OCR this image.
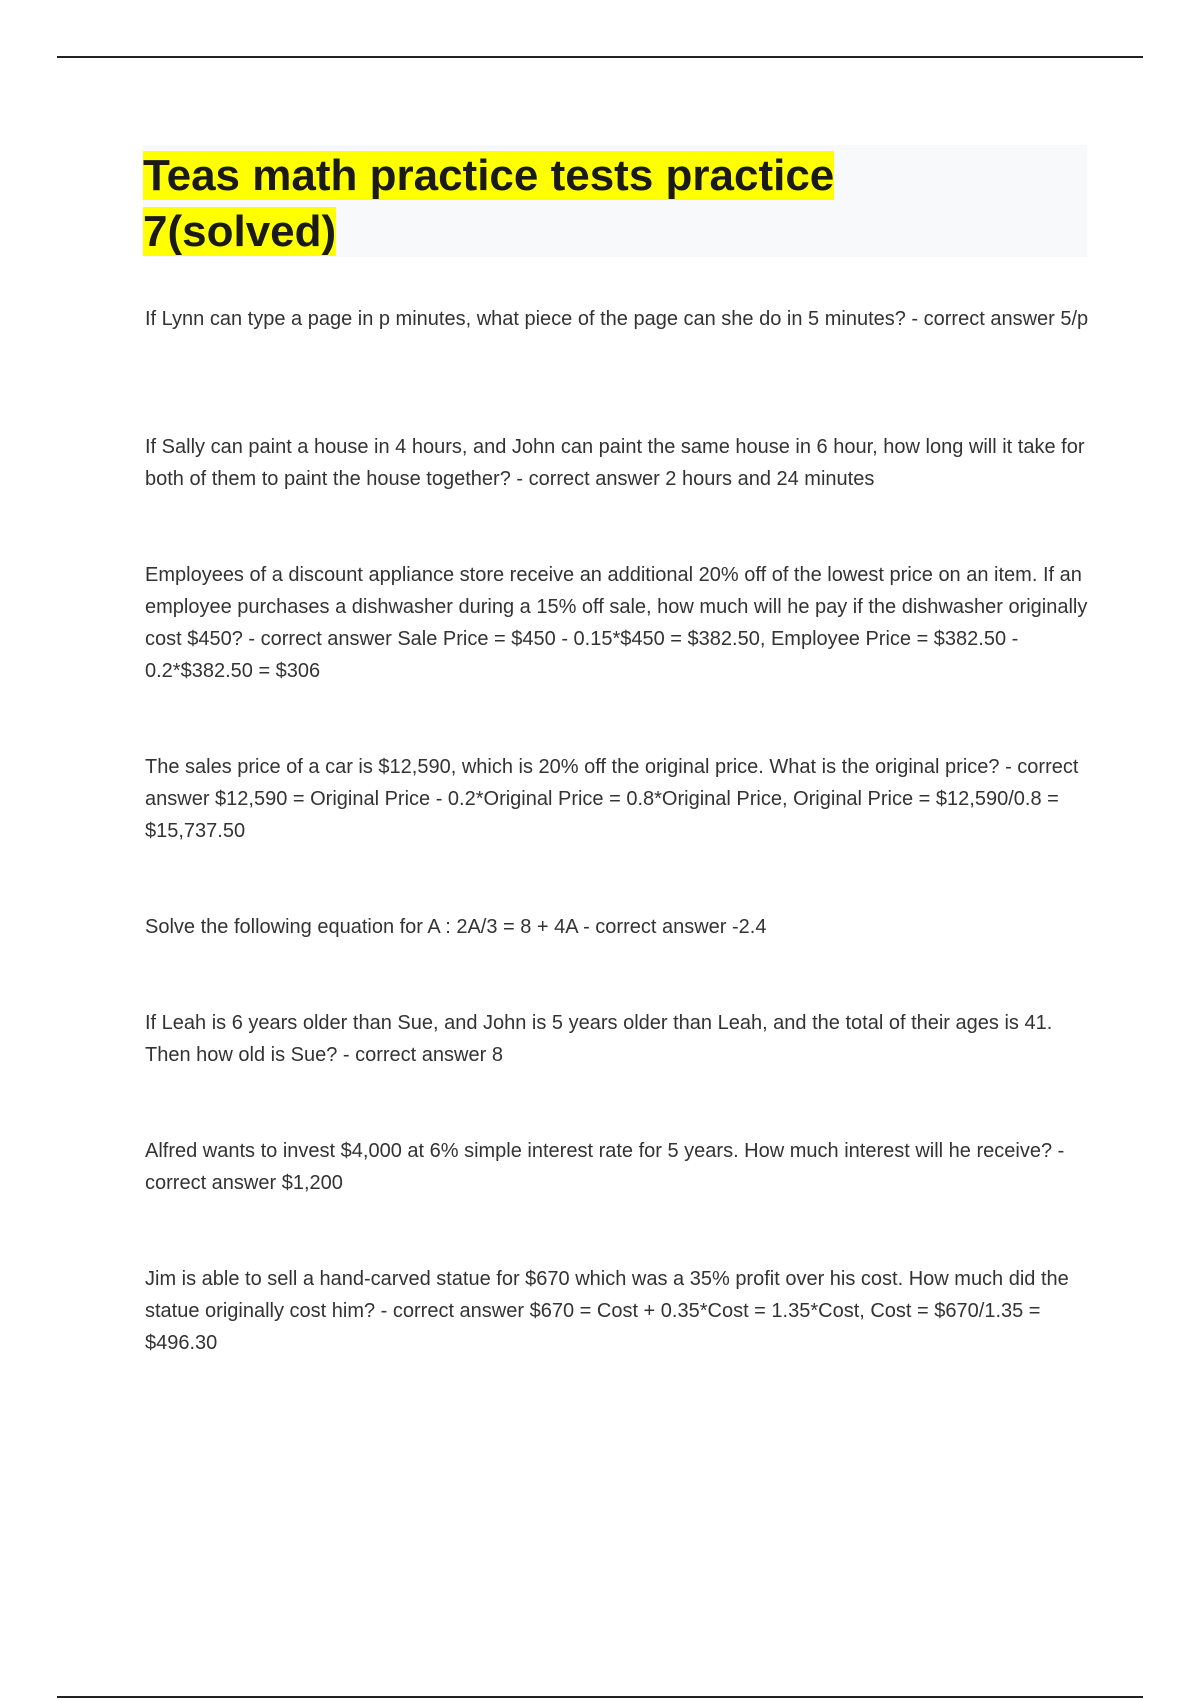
Teas math practice tests practice 7(solved)

If Lynn can type a page in p minutes, what piece of the page can she do in 5 minutes? - correct answer 5/p

If Sally can paint a house in 4 hours, and John can paint the same house in 6 hour, how long will it take for both of them to paint the house together? - correct answer 2 hours and 24 minutes

Employees of a discount appliance store receive an additional 20% off of the lowest price on an item. If an employee purchases a dishwasher during a 15% off sale, how much will he pay if the dishwasher originally cost $450? - correct answer Sale Price = $450 - 0.15*$450 = $382.50, Employee Price = $382.50 - 0.2*$382.50 = $306

The sales price of a car is $12,590, which is 20% off the original price. What is the original price? - correct answer $12,590 = Original Price - 0.2*Original Price = 0.8*Original Price, Original Price = $12,590/0.8 = $15,737.50

Solve the following equation for A : 2A/3 = 8 + 4A - correct answer -2.4

If Leah is 6 years older than Sue, and John is 5 years older than Leah, and the total of their ages is 41. Then how old is Sue? - correct answer 8

Alfred wants to invest $4,000 at 6% simple interest rate for 5 years. How much interest will he receive? - correct answer $1,200

Jim is able to sell a hand-carved statue for $670 which was a 35% profit over his cost. How much did the statue originally cost him? - correct answer $670 = Cost + 0.35*Cost = 1.35*Cost, Cost = $670/1.35 = $496.30
